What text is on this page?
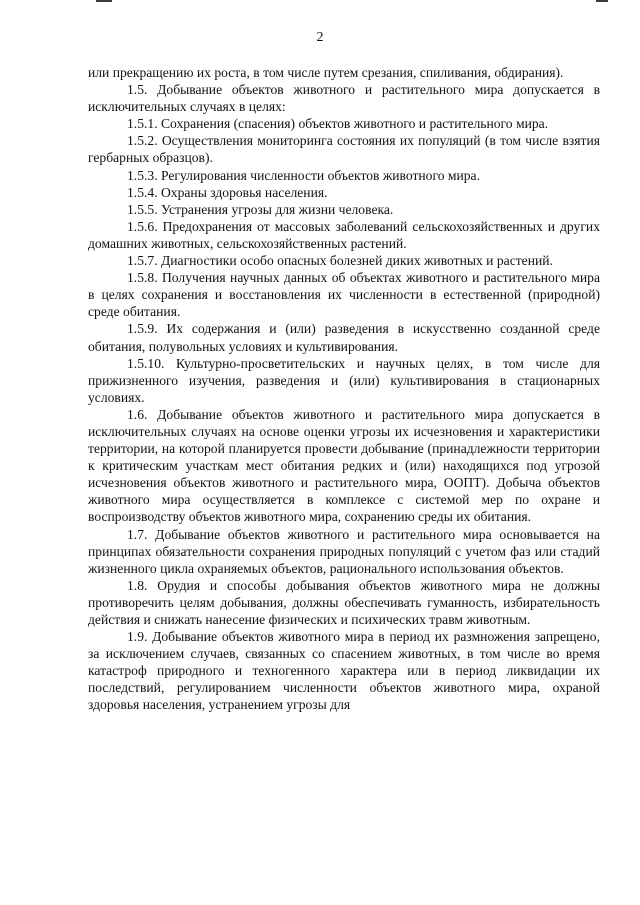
2

или прекращению их роста, в том числе путем срезания, спиливания, обдирания).

1.5. Добывание объектов животного и растительного мира допускается в исключительных случаях в целях:

1.5.1. Сохранения (спасения) объектов животного и растительного мира.

1.5.2. Осуществления мониторинга состояния их популяций (в том числе взятия гербарных образцов).

1.5.3. Регулирования численности объектов животного мира.

1.5.4. Охраны здоровья населения.

1.5.5. Устранения угрозы для жизни человека.

1.5.6. Предохранения от массовых заболеваний сельскохозяйственных и других домашних животных, сельскохозяйственных растений.

1.5.7. Диагностики особо опасных болезней диких животных и растений.

1.5.8. Получения научных данных об объектах животного и растительного мира в целях сохранения и восстановления их численности в естественной (природной) среде обитания.

1.5.9. Их содержания и (или) разведения в искусственно созданной среде обитания, полувольных условиях и культивирования.

1.5.10. Культурно-просветительских и научных целях, в том числе для прижизненного изучения, разведения и (или) культивирования в стационарных условиях.

1.6. Добывание объектов животного и растительного мира допускается в исключительных случаях на основе оценки угрозы их исчезновения и характеристики территории, на которой планируется провести добывание (принадлежности территории к критическим участкам мест обитания редких и (или) находящихся под угрозой исчезновения объектов животного и растительного мира, ООПТ). Добыча объектов животного мира осуществляется в комплексе с системой мер по охране и воспроизводству объектов животного мира, сохранению среды их обитания.

1.7. Добывание объектов животного и растительного мира основывается на принципах обязательности сохранения природных популяций с учетом фаз или стадий жизненного цикла охраняемых объектов, рационального использования объектов.

1.8. Орудия и способы добывания объектов животного мира не должны противоречить целям добывания, должны обеспечивать гуманность, избирательность действия и снижать нанесение физических и психических травм животным.

1.9. Добывание объектов животного мира в период их размножения запрещено, за исключением случаев, связанных со спасением животных, в том числе во время катастроф природного и техногенного характера или в период ликвидации их последствий, регулированием численности объектов животного мира, охраной здоровья населения, устранением угрозы для
